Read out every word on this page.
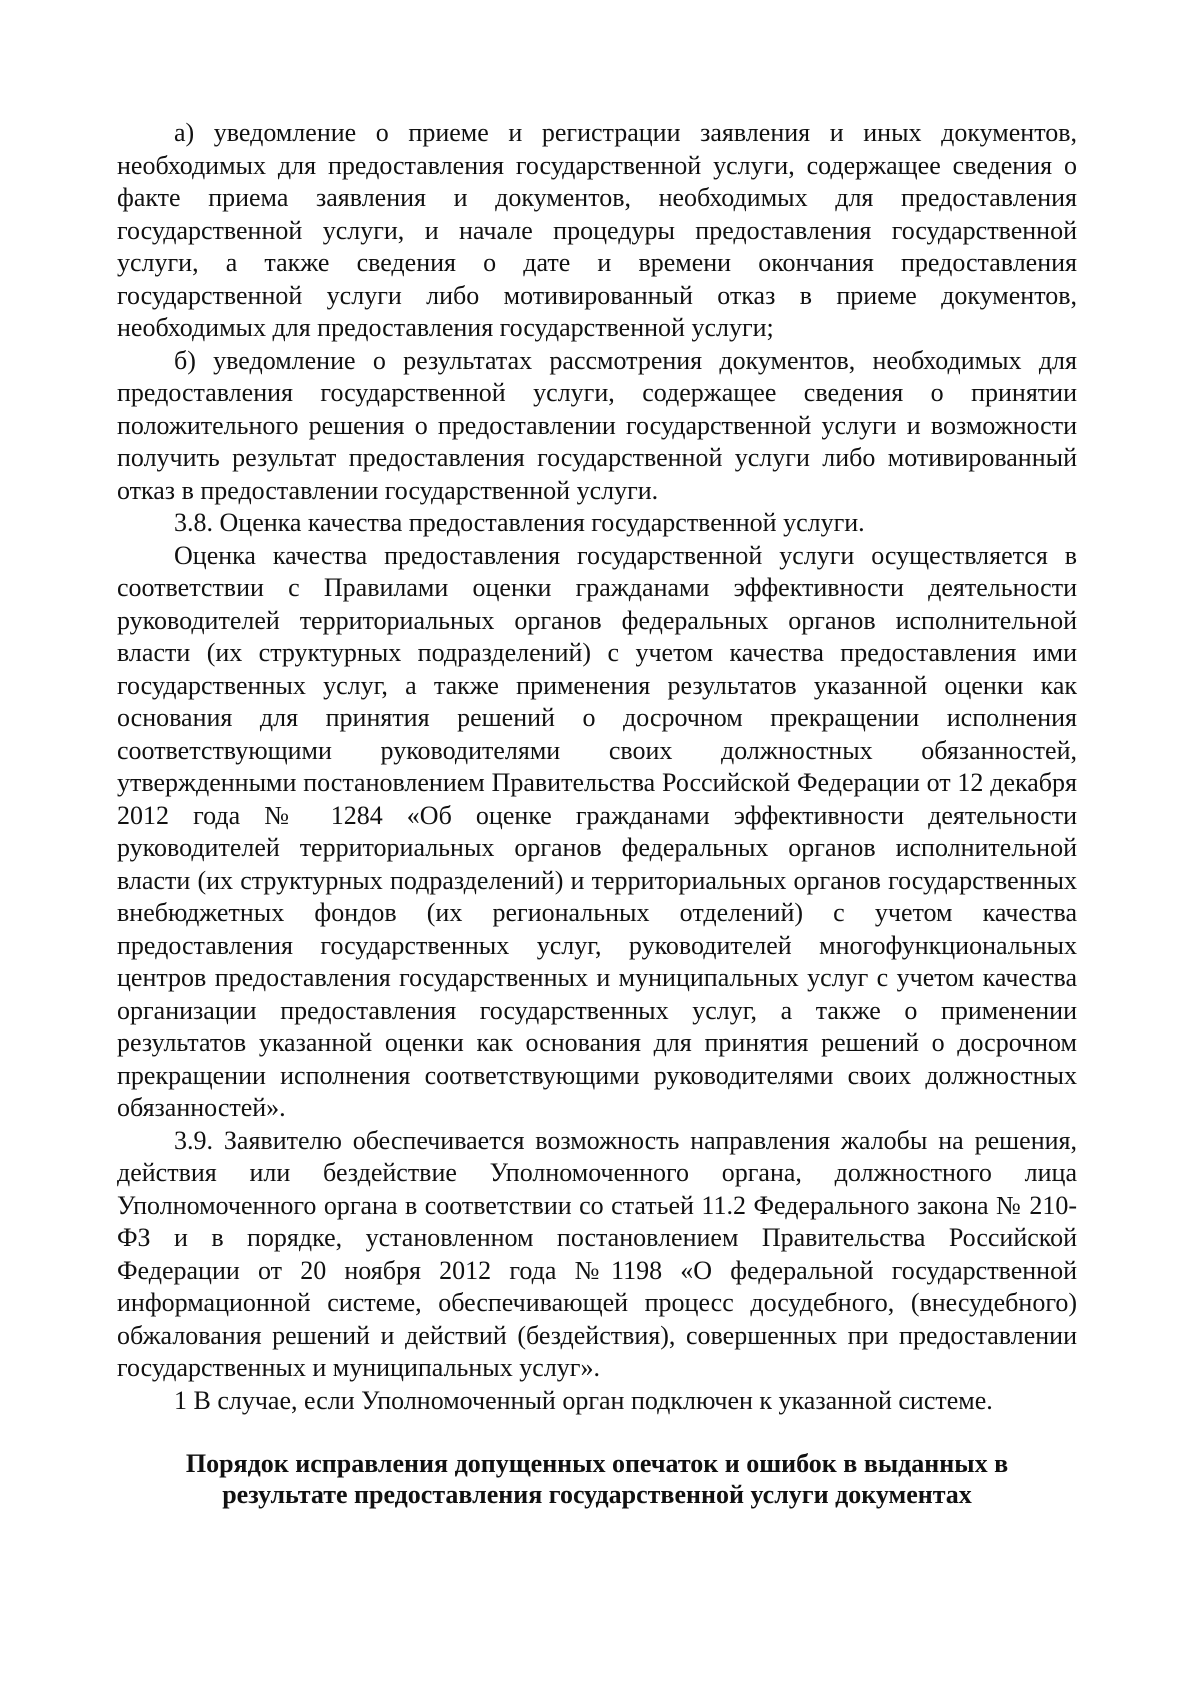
а) уведомление о приеме и регистрации заявления и иных документов, необходимых для предоставления государственной услуги, содержащее сведения о факте приема заявления и документов, необходимых для предоставления государственной услуги, и начале процедуры предоставления государственной услуги, а также сведения о дате и времени окончания предоставления государственной услуги либо мотивированный отказ в приеме документов, необходимых для предоставления государственной услуги;

б) уведомление о результатах рассмотрения документов, необходимых для предоставления государственной услуги, содержащее сведения о принятии положительного решения о предоставлении государственной услуги и возможности получить результат предоставления государственной услуги либо мотивированный отказ в предоставлении государственной услуги.

3.8. Оценка качества предоставления государственной услуги.

Оценка качества предоставления государственной услуги осуществляется в соответствии с Правилами оценки гражданами эффективности деятельности руководителей территориальных органов федеральных органов исполнительной власти (их структурных подразделений) с учетом качества предоставления ими государственных услуг, а также применения результатов указанной оценки как основания для принятия решений о досрочном прекращении исполнения соответствующими руководителями своих должностных обязанностей, утвержденными постановлением Правительства Российской Федерации от 12 декабря 2012 года № 1284 «Об оценке гражданами эффективности деятельности руководителей территориальных органов федеральных органов исполнительной власти (их структурных подразделений) и территориальных органов государственных внебюджетных фондов (их региональных отделений) с учетом качества предоставления государственных услуг, руководителей многофункциональных центров предоставления государственных и муниципальных услуг с учетом качества организации предоставления государственных услуг, а также о применении результатов указанной оценки как основания для принятия решений о досрочном прекращении исполнения соответствующими руководителями своих должностных обязанностей».

3.9. Заявителю обеспечивается возможность направления жалобы на решения, действия или бездействие Уполномоченного органа, должностного лица Уполномоченного органа в соответствии со статьей 11.2 Федерального закона № 210-ФЗ и в порядке, установленном постановлением Правительства Российской Федерации от 20 ноября 2012 года №1198 «О федеральной государственной информационной системе, обеспечивающей процесс досудебного, (внесудебного) обжалования решений и действий (бездействия), совершенных при предоставлении государственных и муниципальных услуг».

1 В случае, если Уполномоченный орган подключен к указанной системе.

Порядок исправления допущенных опечаток и ошибок в выданных в
результате предоставления государственной услуги документах
